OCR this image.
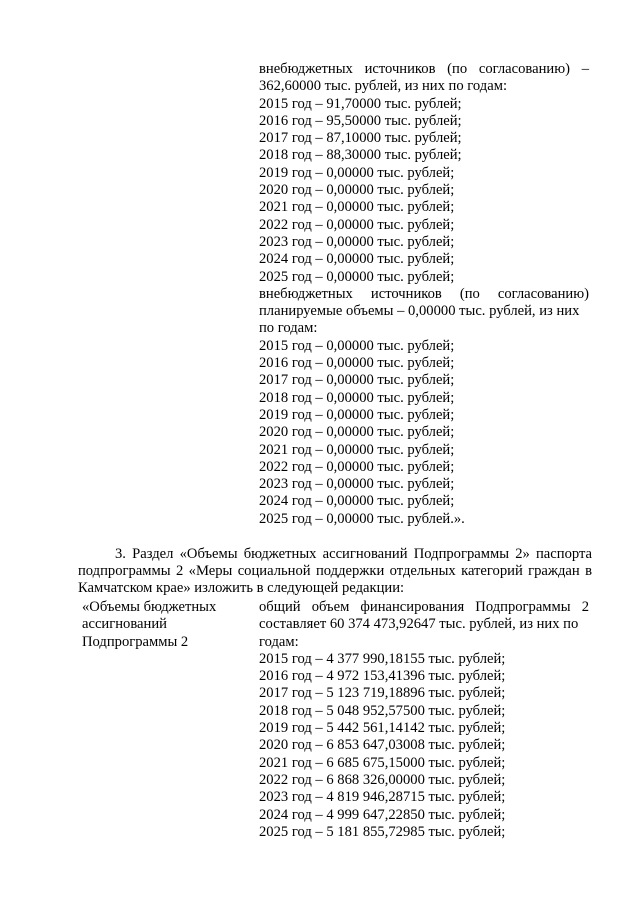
внебюджетных источников (по согласованию) –
362,60000 тыс. рублей, из них по годам:
2015 год – 91,70000 тыс. рублей;
2016 год – 95,50000 тыс. рублей;
2017 год – 87,10000 тыс. рублей;
2018 год – 88,30000 тыс. рублей;
2019 год – 0,00000 тыс. рублей;
2020 год – 0,00000 тыс. рублей;
2021 год – 0,00000 тыс. рублей;
2022 год – 0,00000 тыс. рублей;
2023 год – 0,00000 тыс. рублей;
2024 год – 0,00000 тыс. рублей;
2025 год – 0,00000 тыс. рублей;
внебюджетных источников (по согласованию)
планируемые объемы – 0,00000 тыс. рублей, из них
по годам:
2015 год – 0,00000 тыс. рублей;
2016 год – 0,00000 тыс. рублей;
2017 год – 0,00000 тыс. рублей;
2018 год – 0,00000 тыс. рублей;
2019 год – 0,00000 тыс. рублей;
2020 год – 0,00000 тыс. рублей;
2021 год – 0,00000 тыс. рублей;
2022 год – 0,00000 тыс. рублей;
2023 год – 0,00000 тыс. рублей;
2024 год – 0,00000 тыс. рублей;
2025 год – 0,00000 тыс. рублей.».
3. Раздел «Объемы бюджетных ассигнований Подпрограммы 2» паспорта
подпрограммы 2 «Меры социальной поддержки отдельных категорий граждан в
Камчатском крае» изложить в следующей редакции:
«Объемы бюджетных
ассигнований
Подпрограммы 2
общий объем финансирования Подпрограммы 2
составляет 60 374 473,92647 тыс. рублей, из них по
годам:
2015 год – 4 377 990,18155 тыс. рублей;
2016 год – 4 972 153,41396 тыс. рублей;
2017 год – 5 123 719,18896 тыс. рублей;
2018 год – 5 048 952,57500 тыс. рублей;
2019 год – 5 442 561,14142 тыс. рублей;
2020 год – 6 853 647,03008 тыс. рублей;
2021 год – 6 685 675,15000 тыс. рублей;
2022 год – 6 868 326,00000 тыс. рублей;
2023 год – 4 819 946,28715 тыс. рублей;
2024 год – 4 999 647,22850 тыс. рублей;
2025 год – 5 181 855,72985 тыс. рублей;
